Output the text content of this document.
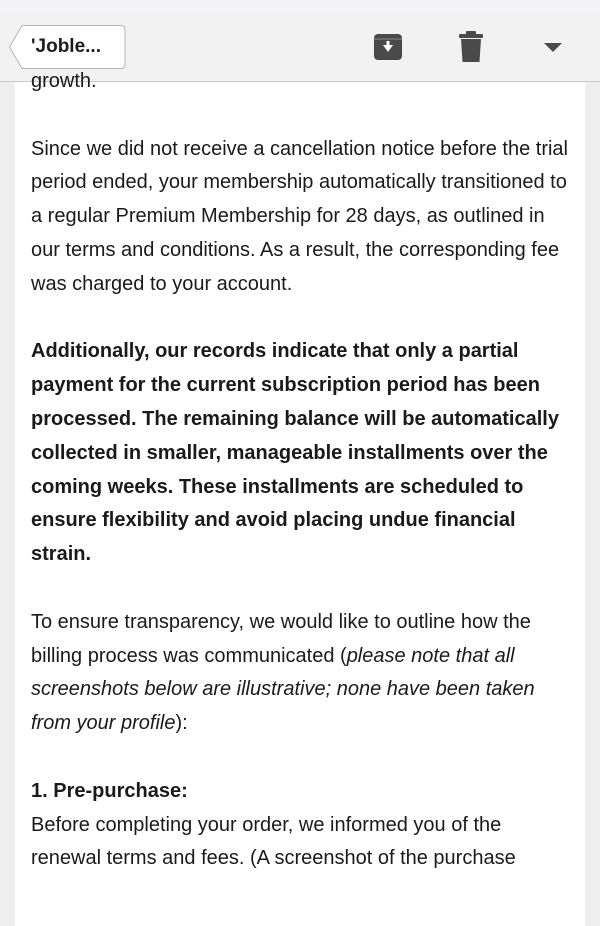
'Joble...

growth.

Since we did not receive a cancellation notice before the trial period ended, your membership automatically transitioned to a regular Premium Membership for 28 days, as outlined in our terms and conditions. As a result, the corresponding fee was charged to your account.

Additionally, our records indicate that only a partial payment for the current subscription period has been processed. The remaining balance will be automatically collected in smaller, manageable installments over the coming weeks. These installments are scheduled to ensure flexibility and avoid placing undue financial strain.

To ensure transparency, we would like to outline how the billing process was communicated (please note that all screenshots below are illustrative; none have been taken from your profile):

1. Pre-purchase:

Before completing your order, we informed you of the renewal terms and fees. (A screenshot of the purchase
